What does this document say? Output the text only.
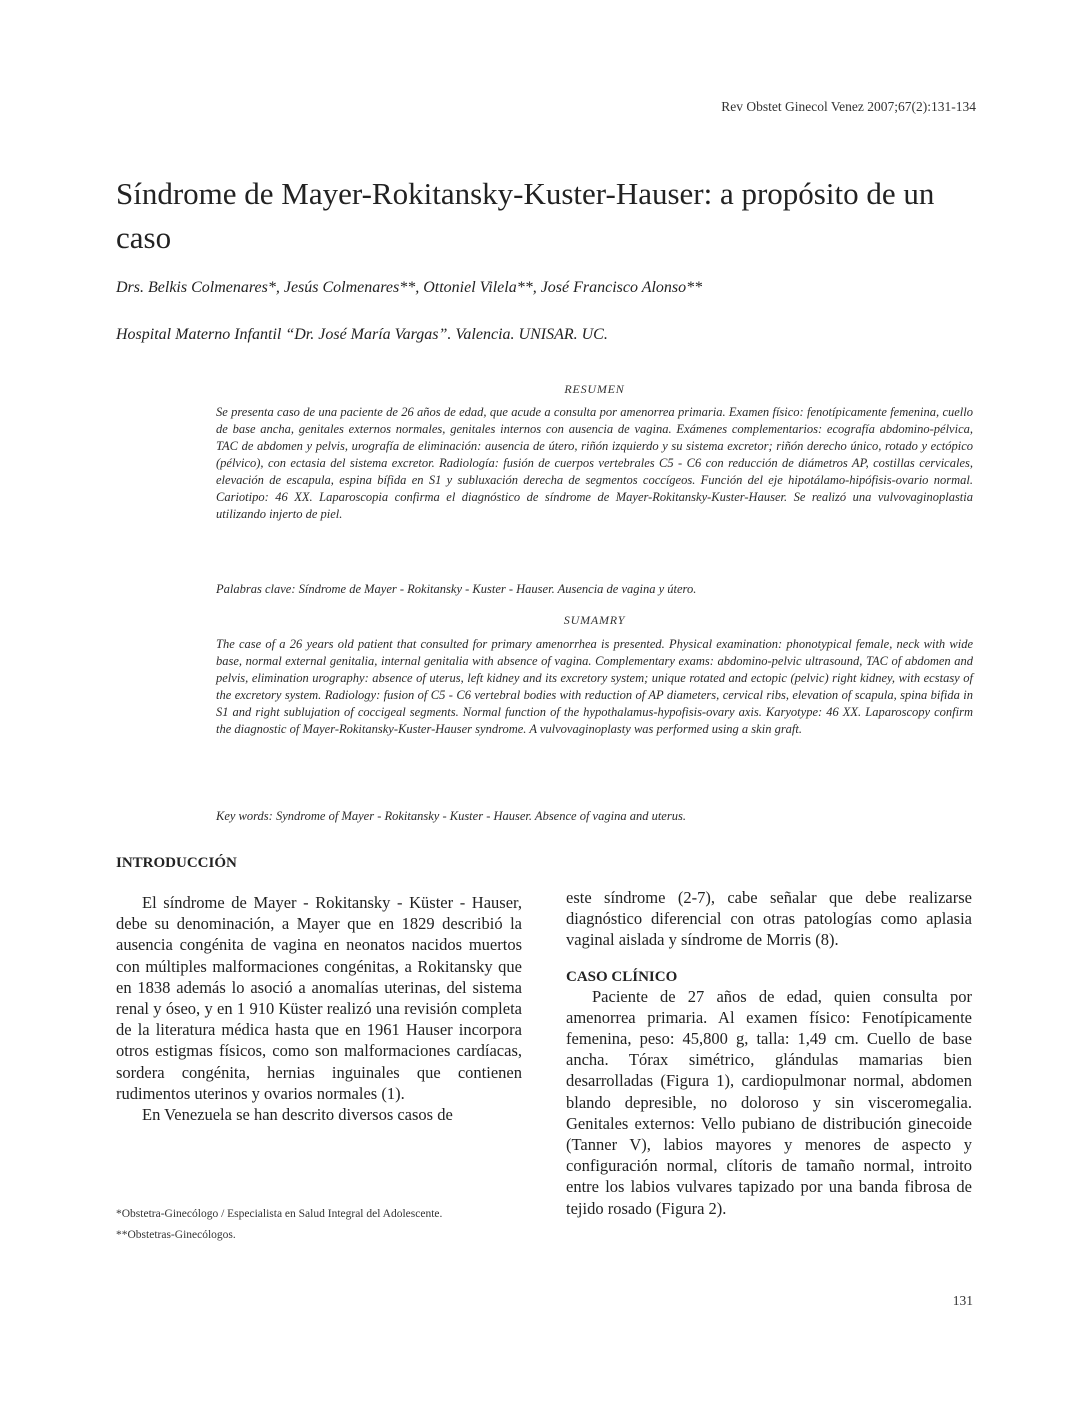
Rev Obstet Ginecol Venez 2007;67(2):131-134
Síndrome de Mayer-Rokitansky-Kuster-Hauser: a propósito de un caso
Drs. Belkis Colmenares*, Jesús Colmenares**, Ottoniel Vilela**, José Francisco Alonso**
Hospital Materno Infantil “Dr. José María Vargas”. Valencia. UNISAR. UC.
RESUMEN

Se presenta caso de una paciente de 26 años de edad, que acude a consulta por amenorrea primaria. Examen físico: fenotípicamente femenina, cuello de base ancha, genitales externos normales, genitales internos con ausencia de vagina. Exámenes complementarios: ecografía abdomino-pélvica, TAC de abdomen y pelvis, urografía de eliminación: ausencia de útero, riñón izquierdo y su sistema excretor; riñón derecho único, rotado y ectópico (pélvico), con ectasia del sistema excretor. Radiología: fusión de cuerpos vertebrales C5 - C6 con reducción de diámetros AP, costillas cervicales, elevación de escapula, espina bífida en S1 y subluxación derecha de segmentos coccígeos. Función del eje hipotálamo-hipófisis-ovario normal. Cariotipo: 46 XX. Laparoscopia confirma el diagnóstico de síndrome de Mayer-Rokitansky-Kuster-Hauser. Se realizó una vulvovaginoplastia utilizando injerto de piel.

Palabras clave: Síndrome de Mayer - Rokitansky - Kuster - Hauser. Ausencia de vagina y útero.

SUMAMRY

The case of a 26 years old patient that consulted for primary amenorrhea is presented. Physical examination: phonotypical female, neck with wide base, normal external genitalia, internal genitalia with absence of vagina. Complementary exams: abdomino-pelvic ultrasound, TAC of abdomen and pelvis, elimination urography: absence of uterus, left kidney and its excretory system; unique rotated and ectopic (pelvic) right kidney, with ecstasy of the excretory system. Radiology: fusion of C5 - C6 vertebral bodies with reduction of AP diameters, cervical ribs, elevation of scapula, spina bifida in S1 and right sublujation of coccigeal segments. Normal function of the hypothalamus-hypofisis-ovary axis. Karyotype: 46 XX. Laparoscopy confirm the diagnostic of Mayer-Rokitansky-Kuster-Hauser syndrome. A vulvovaginoplasty was performed using a skin graft.

Key words: Syndrome of Mayer - Rokitansky - Kuster - Hauser. Absence of vagina and uterus.

INTRODUCCIÓN

El síndrome de Mayer - Rokitansky - Küster - Hauser, debe su denominación, a Mayer que en 1829 describió la ausencia congénita de vagina en neonatos nacidos muertos con múltiples malformaciones congénitas, a Rokitansky que en 1838 además lo asoció a anomalías uterinas, del sistema renal y óseo, y en 1 910 Küster realizó una revisión completa de la literatura médica hasta que en 1961 Hauser incorpora otros estigmas físicos, como son malformaciones cardíacas, sordera congénita, hernias inguinales que contienen rudimentos uterinos y ovarios normales (1).

En Venezuela se han descrito diversos casos de

este síndrome (2-7), cabe señalar que debe realizarse diagnóstico diferencial con otras patologías como aplasia vaginal aislada y síndrome de Morris (8).

CASO CLÍNICO

Paciente de 27 años de edad, quien consulta por amenorrea primaria. Al examen físico: Fenotípicamente femenina, peso: 45,800 g, talla: 1,49 cm. Cuello de base ancha. Tórax simétrico, glándulas mamarias bien desarrolladas (Figura 1), cardiopulmonar normal, abdomen blando depresible, no doloroso y sin visceromegalia. Genitales externos: Vello pubiano de distribución ginecoide (Tanner V), labios mayores y menores de aspecto y configuración normal, clítoris de tamaño normal, introito entre los labios vulvares tapizado por una banda fibrosa de tejido rosado (Figura 2).

*Obstetra-Ginecólogo / Especialista en Salud Integral del Adolescente.
**Obstetras-Ginecólogos.
131
